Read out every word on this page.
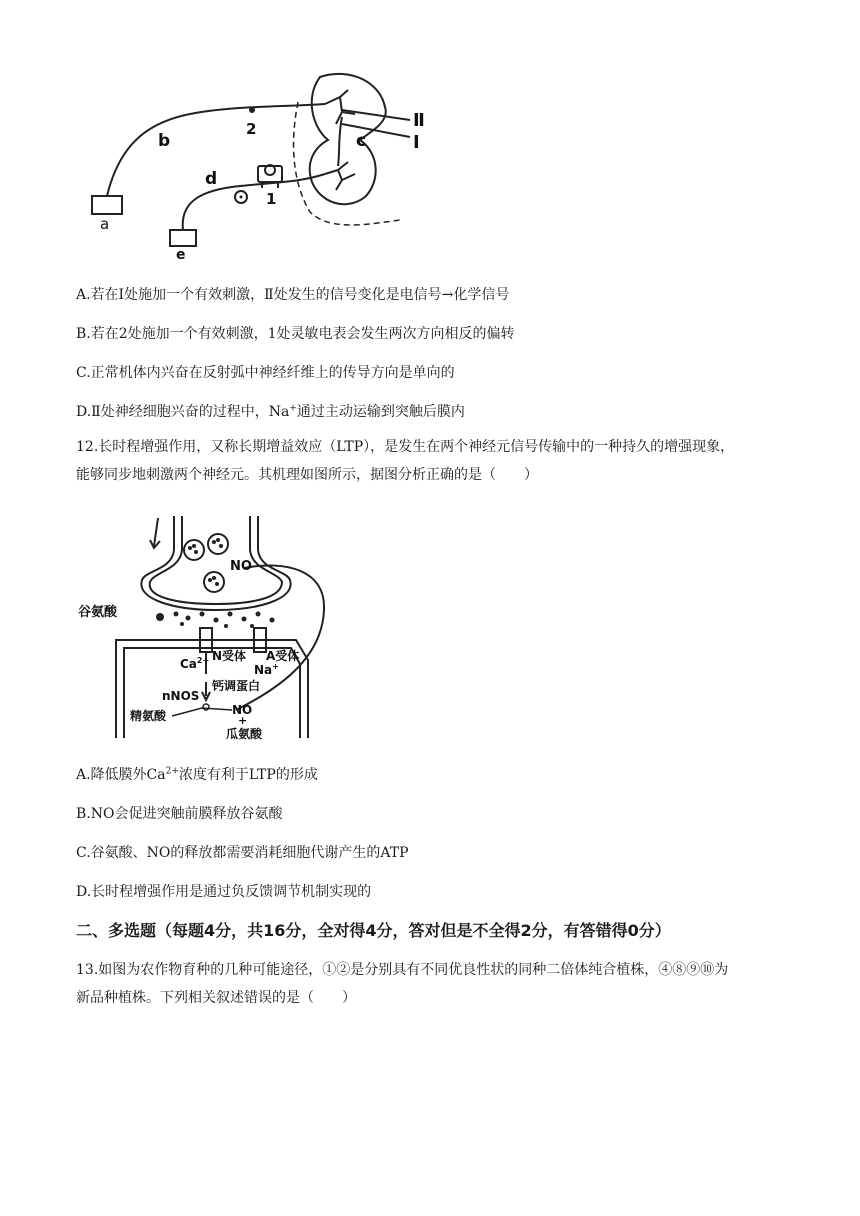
a
b	c
d
e
1
2	Ⅱ
Ⅰ
A.若在Ⅰ处施加一个有效刺激，Ⅱ处发生的信号变化是电信号→化学信号
B.若在2处施加一个有效刺激，1处灵敏电表会发生两次方向相反的偏转
C.正常机体内兴奋在反射弧中神经纤维上的传导方向是单向的
D.Ⅱ处神经细胞兴奋的过程中，Na+通过主动运输到突触后膜内
12.长时程增强作用，又称长期增益效应（LTP），是发生在两个神经元信号传输中的一种持久的增强现象，
能够同步地刺激两个神经元。其机理如图所示，据图分析正确的是（　　）
谷氨酸
NO
$Ca^{2+}$ N受体 A受体
Na+
钙调蛋白
nNOS
精氨酸	NO
+
瓜氨酸
A.降低膜外$Ca^{2+}$浓度有利于LTP的形成
B.NO会促进突触前膜释放谷氨酸
C.谷氨酸、NO的释放都需要消耗细胞代谢产生的ATP
D.长时程增强作用是通过负反馈调节机制实现的
二、多选题（每题4分，共16分，全对得4分，答对但是不全得2分，有答错得0分）
13.如图为农作物育种的几种可能途径，①②是分别具有不同优良性状的同种二倍体纯合植株，④⑧⑨⑩为
新品种植株。下列相关叙述错误的是（　　）
